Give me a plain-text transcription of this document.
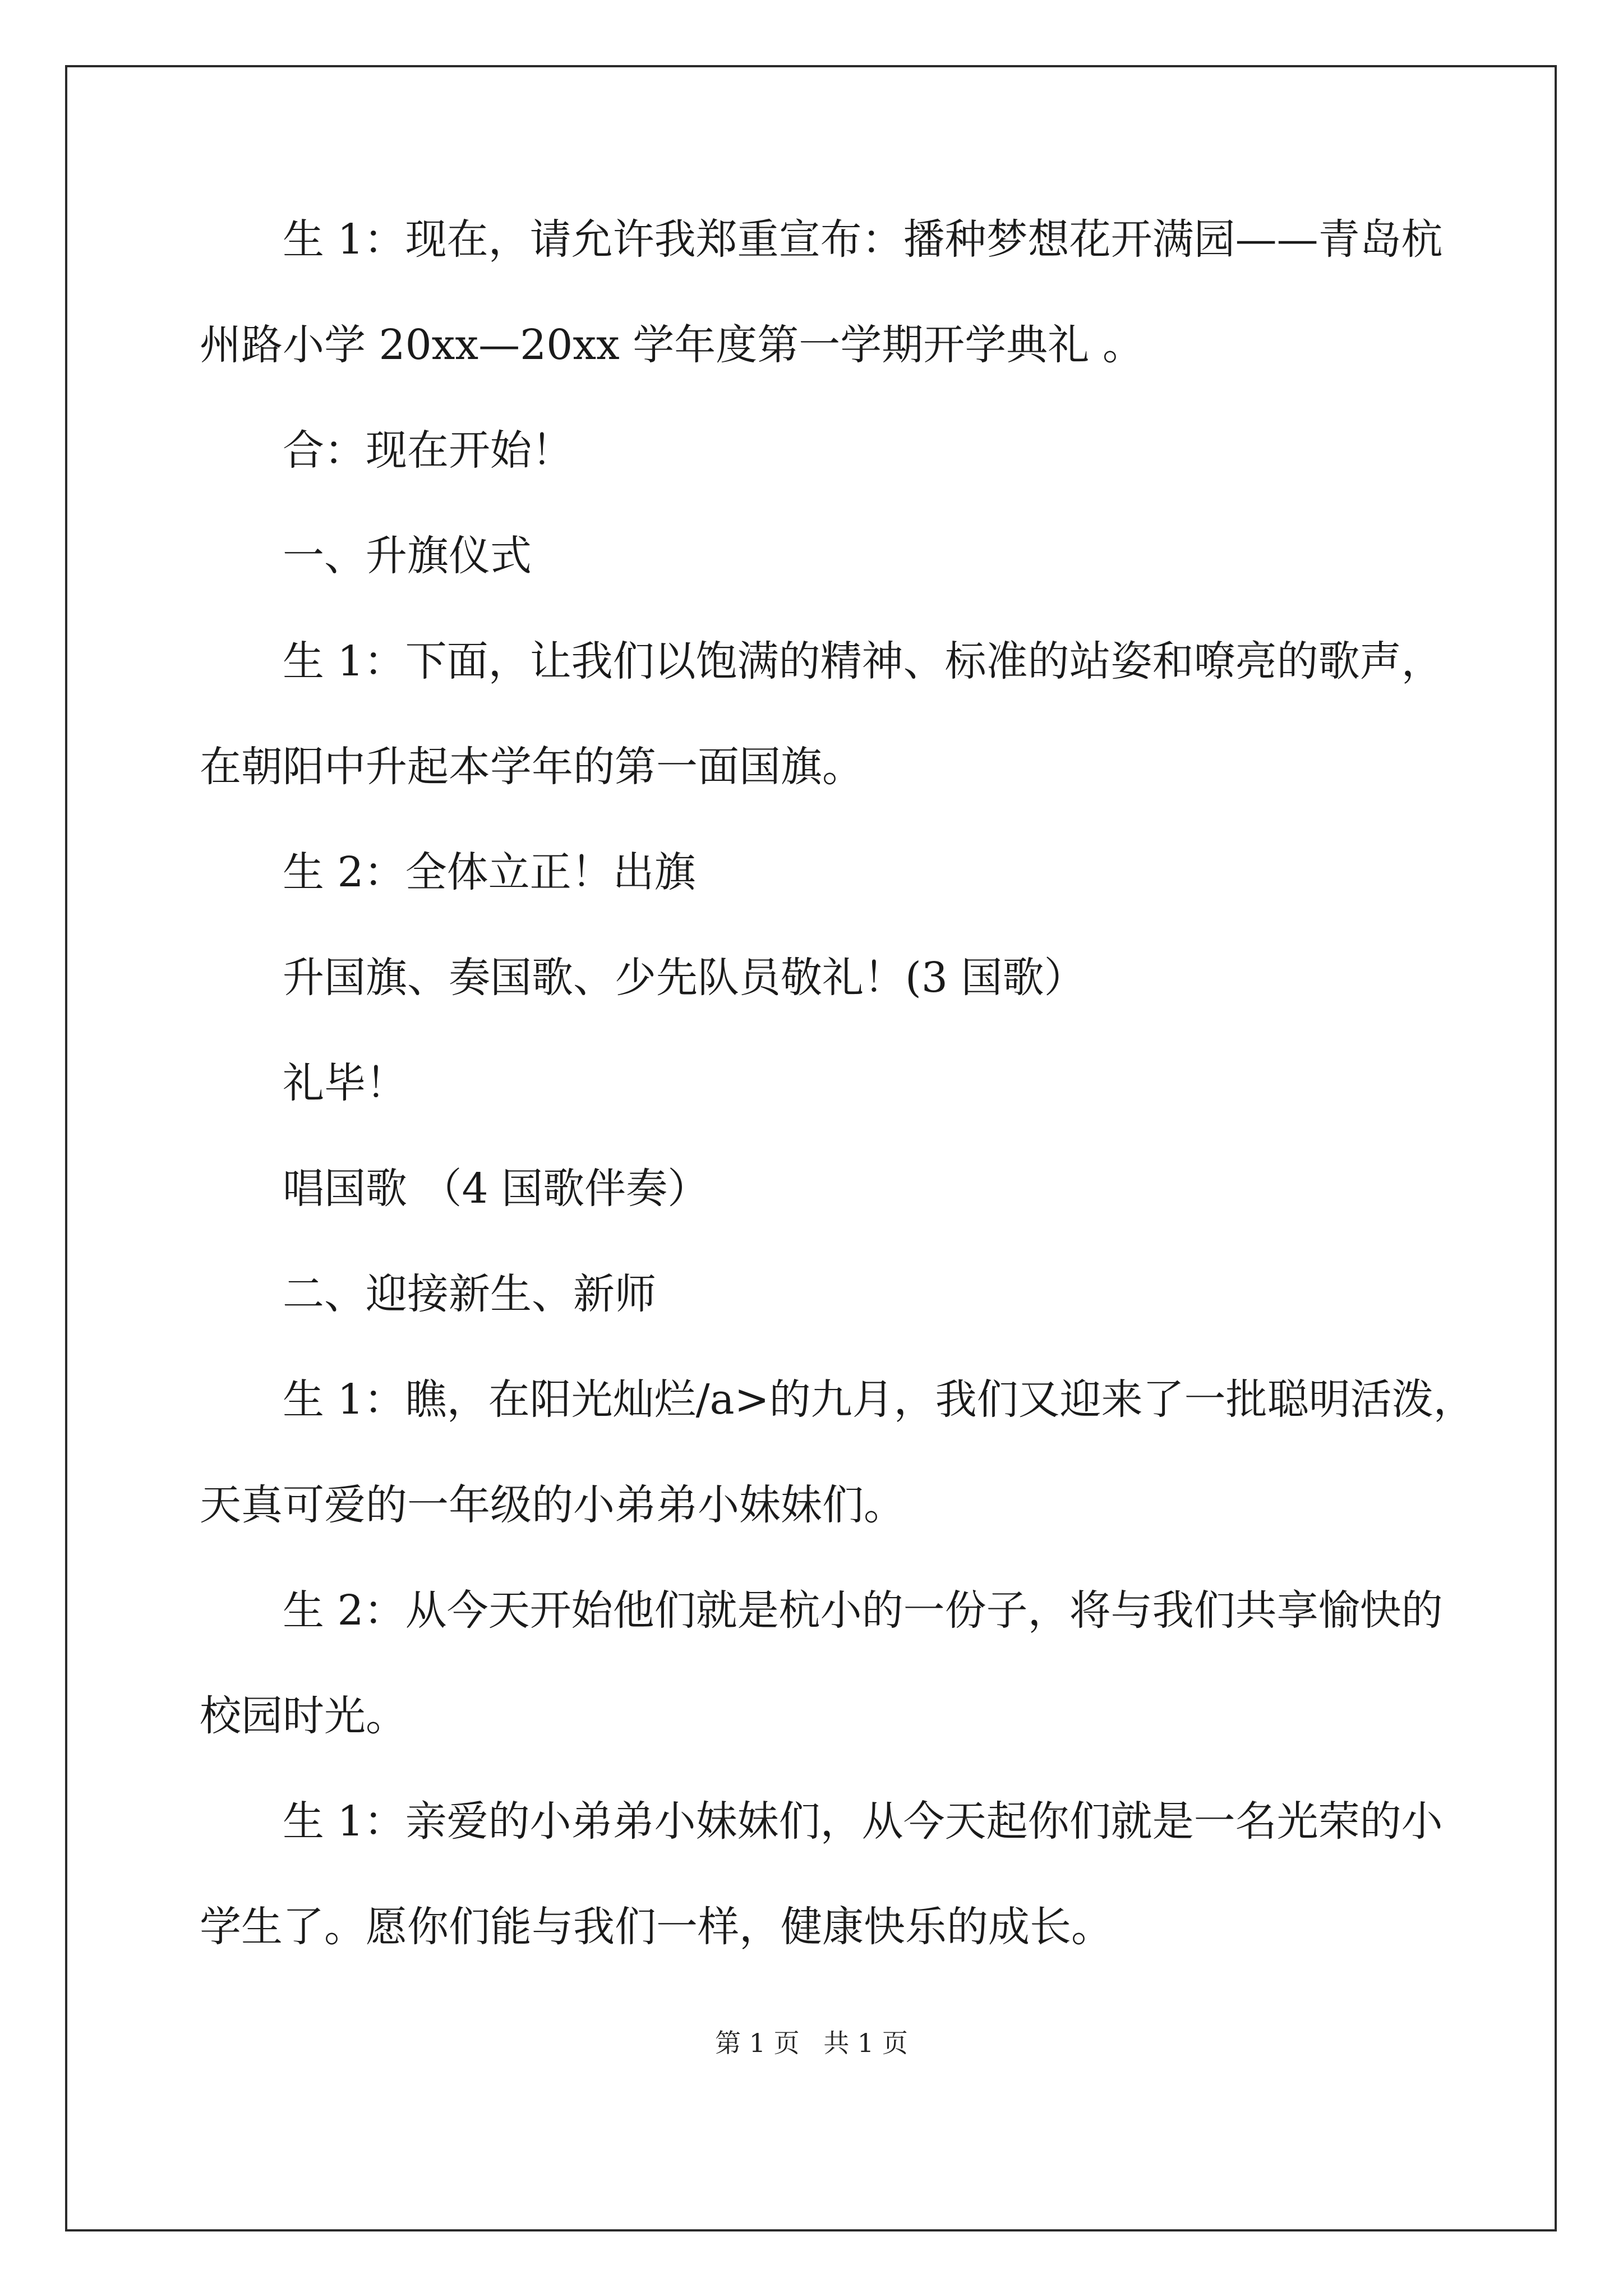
生 1：现在，请允许我郑重宣布：播种梦想花开满园——青岛杭
州路小学 20xx—20xx 学年度第一学期开学典礼 。
合：现在开始！
一、升旗仪式
生 1：下面，让我们以饱满的精神、标准的站姿和嘹亮的歌声，
在朝阳中升起本学年的第一面国旗。
生 2：全体立正！出旗
升国旗、奏国歌、少先队员敬礼！(3 国歌）
礼毕！
唱国歌 （4 国歌伴奏）
二、迎接新生、新师
生 1：瞧，在阳光灿烂/a>的九月，我们又迎来了一批聪明活泼，
天真可爱的一年级的小弟弟小妹妹们。
生 2：从今天开始他们就是杭小的一份子，将与我们共享愉快的
校园时光。
生 1：亲爱的小弟弟小妹妹们，从今天起你们就是一名光荣的小
学生了。愿你们能与我们一样，健康快乐的成长。
第 1 页 共 1 页
